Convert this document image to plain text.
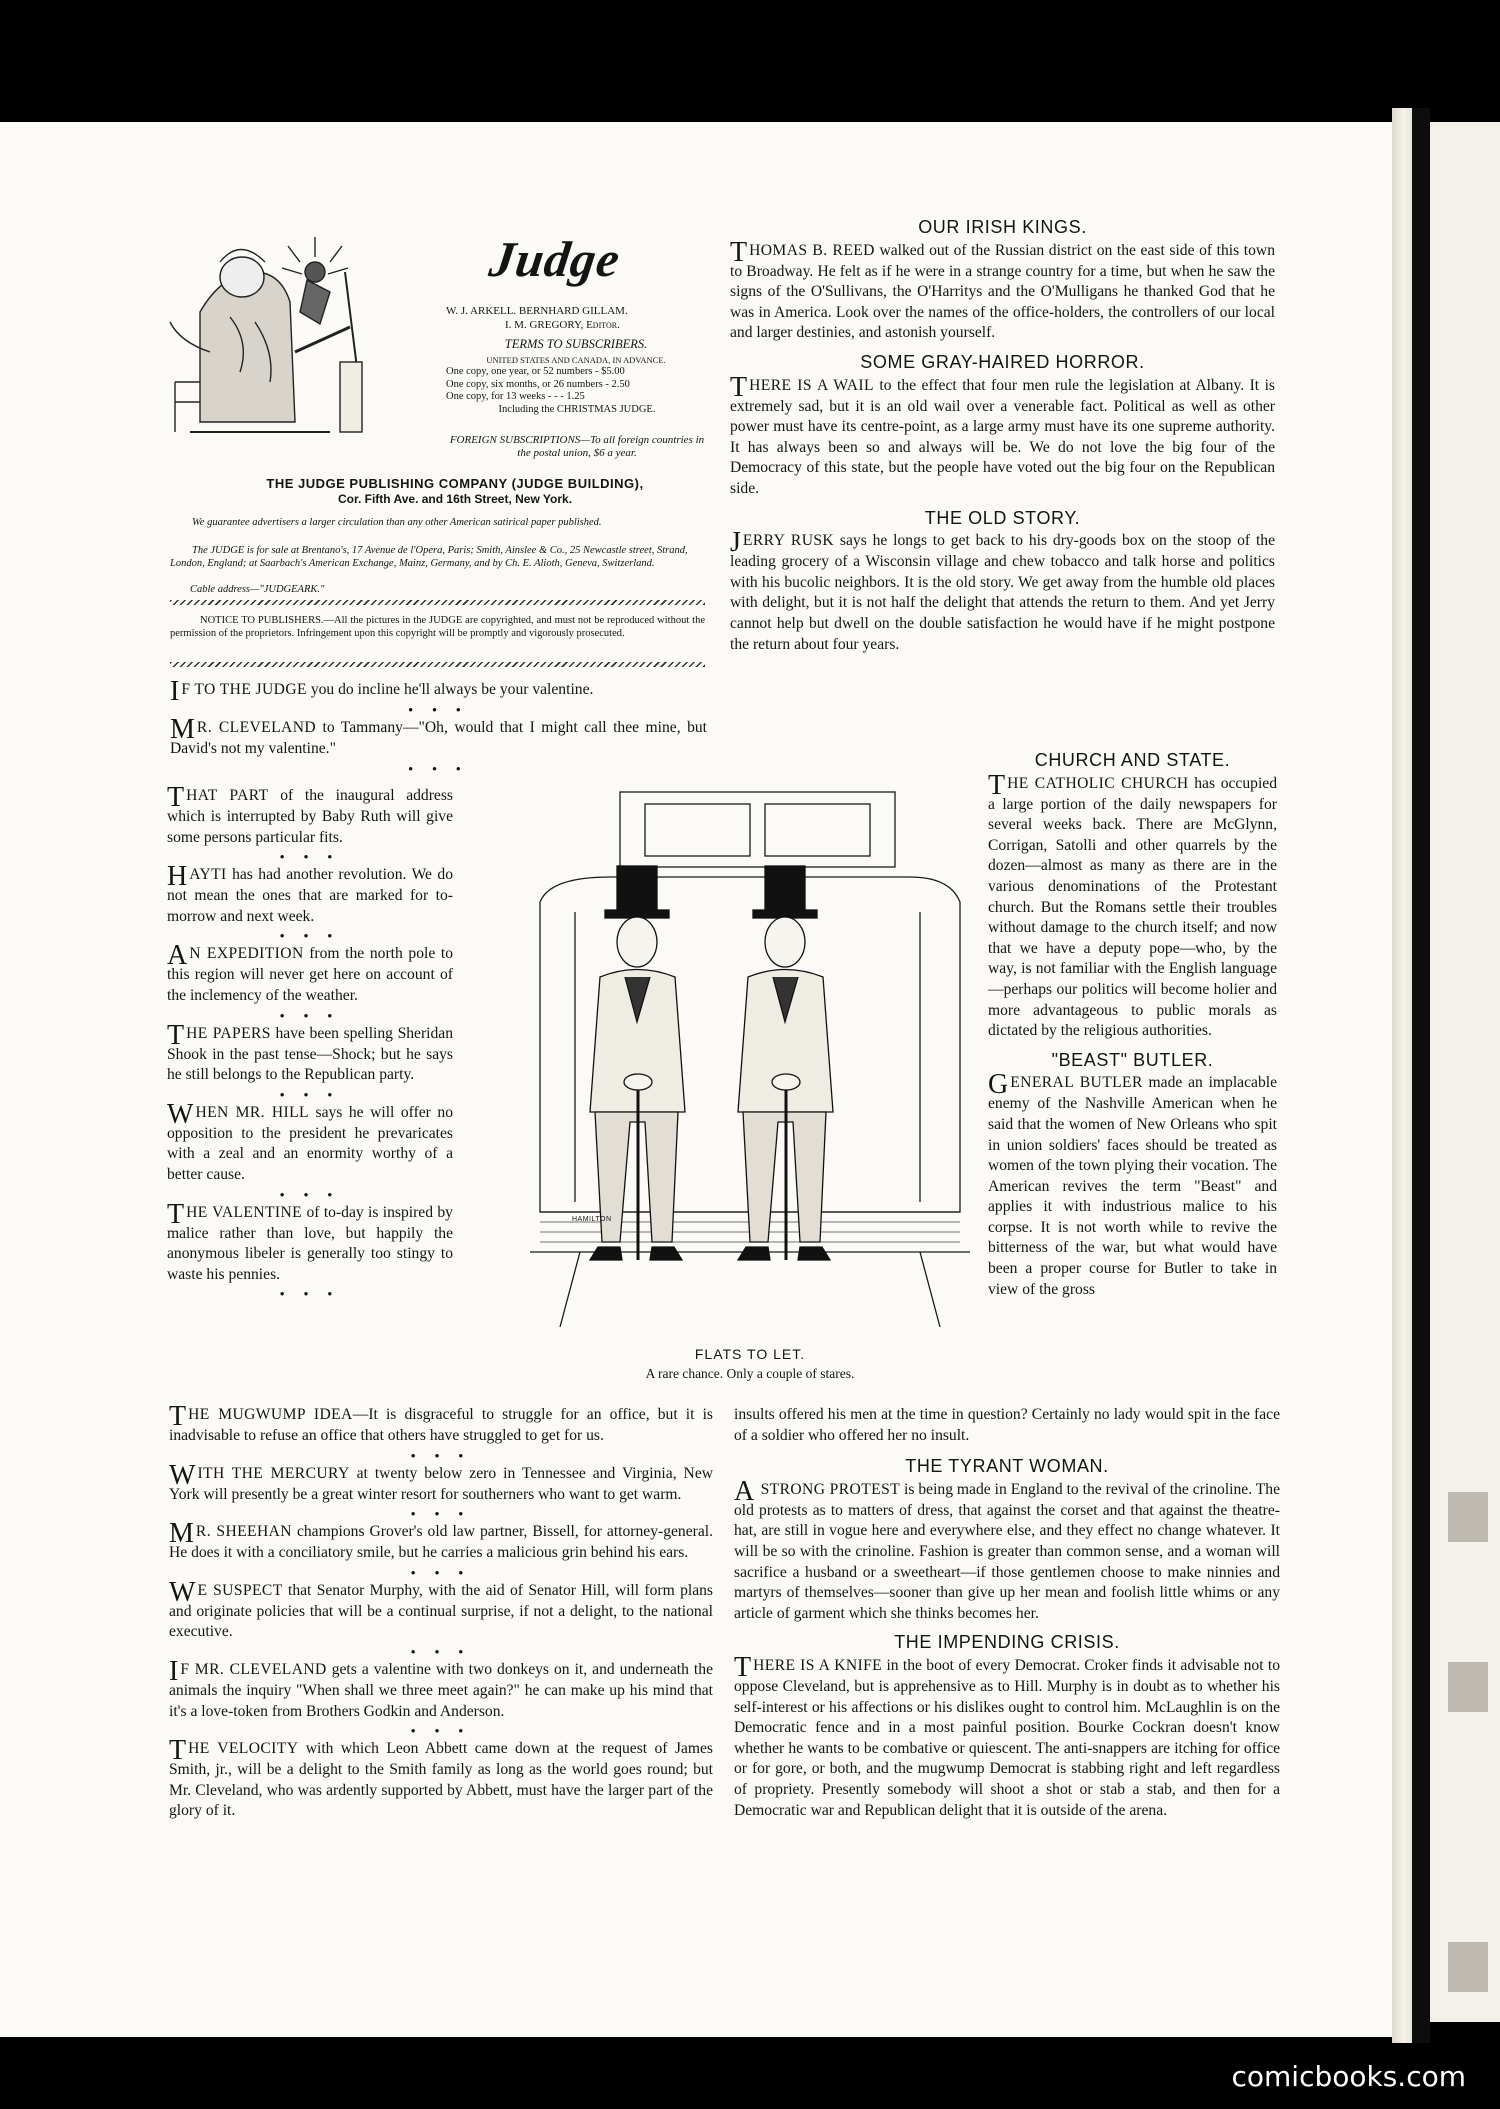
Judge
W. J. ARKELL. BERNHARD GILLAM.
I. M. GREGORY, Editor.
TERMS TO SUBSCRIBERS.
UNITED STATES AND CANADA, IN ADVANCE.
One copy, one year, or 52 numbers - $5.00
One copy, six months, or 26 numbers - 2.50
One copy, for 13 weeks - - - 1.25
Including the CHRISTMAS JUDGE.
FOREIGN SUBSCRIPTIONS—To all foreign countries in the postal union, $6 a year.
THE JUDGE PUBLISHING COMPANY (JUDGE BUILDING),
Cor. Fifth Ave. and 16th Street, New York.
We guarantee advertisers a larger circulation than any other American satirical paper published.
The JUDGE is for sale at Brentano's, 17 Avenue de l'Opera, Paris; Smith, Ainslee & Co., 25 Newcastle street, Strand, London, England; at Saarbach's American Exchange, Mainz, Germany, and by Ch. E. Alioth, Geneva, Switzerland.
Cable address—"JUDGEARK."
NOTICE TO PUBLISHERS.—All the pictures in the JUDGE are copyrighted, and must not be reproduced without the permission of the proprietors. Infringement upon this copyright will be promptly and vigorously prosecuted.

I F TO THE JUDGE you do incline he'll always be your valentine.

• • •

M R. CLEVELAND to Tammany—"Oh, would that I might call thee mine, but David's not my valentine."

• • •

THAT PART of the inaugural address which is interrupted by Baby Ruth will give some persons particular fits.

• • •

HAYTI has had another revolution. We do not mean the ones that are marked for to-morrow and next week.

• • •

A N EXPEDITION from the north pole to this region will never get here on account of the inclemency of the weather.

• • •

THE PAPERS have been spelling Sheridan Shook in the past tense—Shock; but he says he still belongs to the Republican party.

• • •

WHEN MR. HILL says he will offer no opposition to the president he prevaricates with a zeal and an enormity worthy of a better cause.

• • •

THE VALENTINE of to-day is inspired by malice rather than love, but happily the anonymous libeler is generally too stingy to waste his pennies.

• • •
HAMILTON
FLATS TO LET.
A rare chance. Only a couple of stares.

THE MUGWUMP IDEA—It is disgraceful to struggle for an office, but it is inadvisable to refuse an office that others have struggled to get for us.

• • •

WITH THE MERCURY at twenty below zero in Tennessee and Virginia, New York will presently be a great winter resort for southerners who want to get warm.

• • •

M R. SHEEHAN champions Grover's old law partner, Bissell, for attorney-general. He does it with a conciliatory smile, but he carries a malicious grin behind his ears.

• • •

W E SUSPECT that Senator Murphy, with the aid of Senator Hill, will form plans and originate policies that will be a continual surprise, if not a delight, to the national executive.

• • •

I F MR. CLEVELAND gets a valentine with two donkeys on it, and underneath the animals the inquiry "When shall we three meet again?" he can make up his mind that it's a love-token from Brothers Godkin and Anderson.

• • •

THE VELOCITY with which Leon Abbett came down at the request of James Smith, jr., will be a delight to the Smith family as long as the world goes round; but Mr. Cleveland, who was ardently supported by Abbett, must have the larger part of the glory of it.

OUR IRISH KINGS.

THOMAS B. REED walked out of the Russian district on the east side of this town to Broadway. He felt as if he were in a strange country for a time, but when he saw the signs of the O'Sullivans, the O'Harritys and the O'Mulligans he thanked God that he was in America. Look over the names of the office-holders, the controllers of our local and larger destinies, and astonish yourself.

SOME GRAY-HAIRED HORROR.

THERE IS A WAIL to the effect that four men rule the legislation at Albany. It is extremely sad, but it is an old wail over a venerable fact. Political as well as other power must have its centre-point, as a large army must have its one supreme authority. It has always been so and always will be. We do not love the big four of the Democracy of this state, but the people have voted out the big four on the Republican side.

THE OLD STORY.

JERRY RUSK says he longs to get back to his dry-goods box on the stoop of the leading grocery of a Wisconsin village and chew tobacco and talk horse and politics with his bucolic neighbors. It is the old story. We get away from the humble old places with delight, but it is not half the delight that attends the return to them. And yet Jerry cannot help but dwell on the double satisfaction he would have if he might postpone the return about four years.

CHURCH AND STATE.

THE CATHOLIC CHURCH has occupied a large portion of the daily newspapers for several weeks back. There are McGlynn, Corrigan, Satolli and other quarrels by the dozen—almost as many as there are in the various denominations of the Protestant church. But the Romans settle their troubles without damage to the church itself; and now that we have a deputy pope—who, by the way, is not familiar with the English language—perhaps our politics will become holier and more advantageous to public morals as dictated by the religious authorities.

"BEAST" BUTLER.

GENERAL BUTLER made an implacable enemy of the Nashville American when he said that the women of New Orleans who spit in union soldiers' faces should be treated as women of the town plying their vocation. The American revives the term "Beast" and applies it with industrious malice to his corpse. It is not worth while to revive the bitterness of the war, but what would have been a proper course for Butler to take in view of the gross

insults offered his men at the time in question? Certainly no lady would spit in the face of a soldier who offered her no insult.

THE TYRANT WOMAN.

A STRONG PROTEST is being made in England to the revival of the crinoline. The old protests as to matters of dress, that against the corset and that against the theatre-hat, are still in vogue here and everywhere else, and they effect no change whatever. It will be so with the crinoline. Fashion is greater than common sense, and a woman will sacrifice a husband or a sweetheart—if those gentlemen choose to make ninnies and martyrs of themselves—sooner than give up her mean and foolish little whims or any article of garment which she thinks becomes her.

THE IMPENDING CRISIS.

THERE IS A KNIFE in the boot of every Democrat. Croker finds it advisable not to oppose Cleveland, but is apprehensive as to Hill. Murphy is in doubt as to whether his self-interest or his affections or his dislikes ought to control him. McLaughlin is on the Democratic fence and in a most painful position. Bourke Cockran doesn't know whether he wants to be combative or quiescent. The anti-snappers are itching for office or for gore, or both, and the mugwump Democrat is stabbing right and left regardless of propriety. Presently somebody will shoot a shot or stab a stab, and then for a Democratic war and Republican delight that it is outside of the arena.

comicbooks.com
